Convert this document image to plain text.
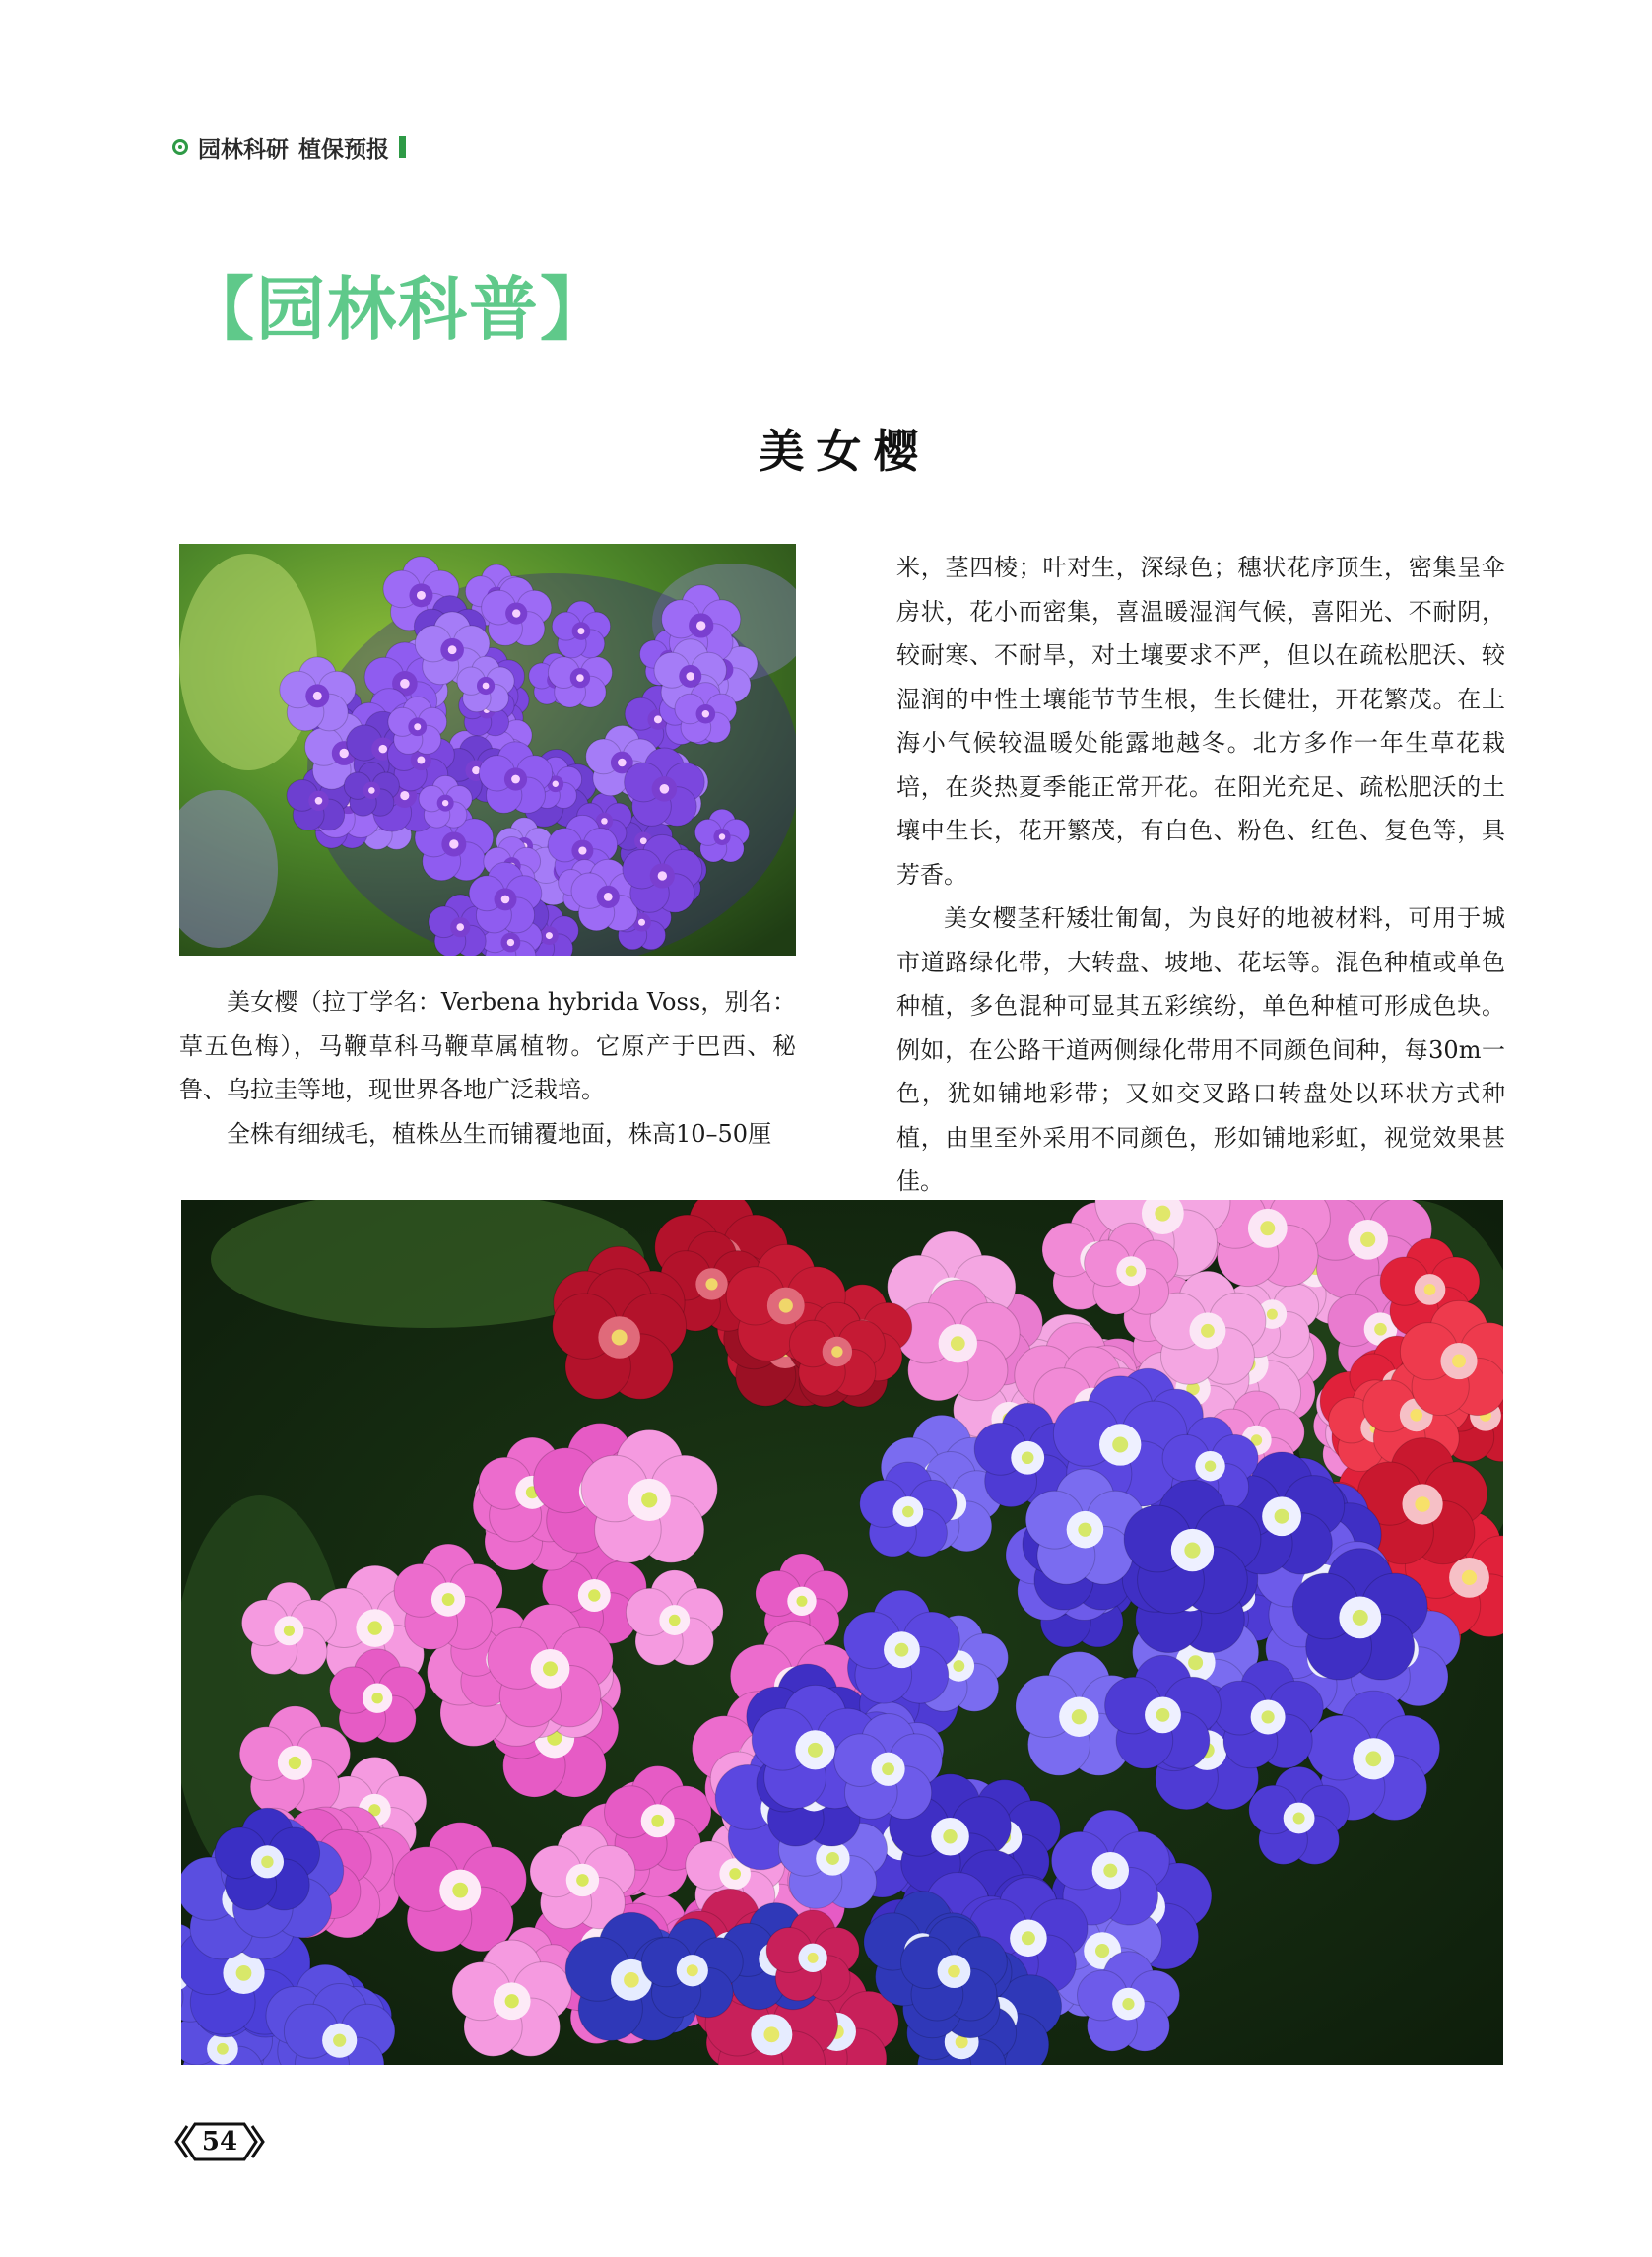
园林科研 植保预报
【园林科普】
美女樱

美女樱（拉丁学名：Verbena hybrida Voss，别名：草五色梅），马鞭草科马鞭草属植物。它原产于巴西、秘鲁、乌拉圭等地，现世界各地广泛栽培。

全株有细绒毛，植株丛生而铺覆地面，株高10–50厘

米，茎四棱；叶对生，深绿色；穗状花序顶生，密集呈伞房状，花小而密集，喜温暖湿润气候，喜阳光、不耐阴，较耐寒、不耐旱，对土壤要求不严，但以在疏松肥沃、较湿润的中性土壤能节节生根，生长健壮，开花繁茂。在上海小气候较温暖处能露地越冬。北方多作一年生草花栽培，在炎热夏季能正常开花。在阳光充足、疏松肥沃的土壤中生长，花开繁茂，有白色、粉色、红色、复色等，具芳香。

美女樱茎秆矮壮匍匐，为良好的地被材料，可用于城市道路绿化带，大转盘、坡地、花坛等。混色种植或单色种植，多色混种可显其五彩缤纷，单色种植可形成色块。例如，在公路干道两侧绿化带用不同颜色间种，每30m一色，犹如铺地彩带；又如交叉路口转盘处以环状方式种植，由里至外采用不同颜色，形如铺地彩虹，视觉效果甚佳。

54
